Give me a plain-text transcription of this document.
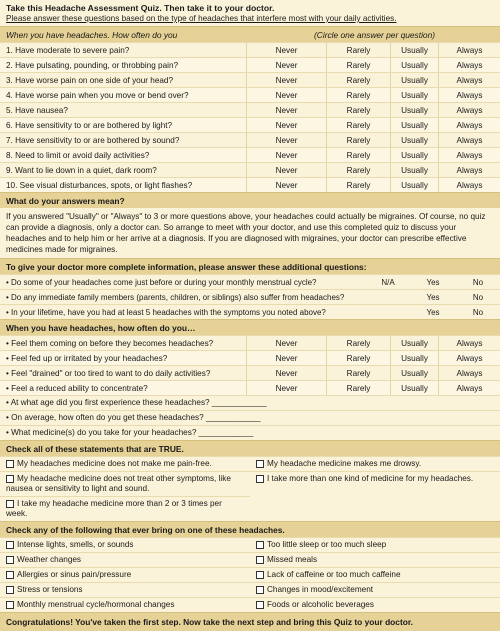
Take this Headache Assessment Quiz. Then take it to your doctor.
Please answer these questions based on the type of headaches that interfere most with your daily activities.
When you have headaches. How often do you	(Circle one answer per question)
1. Have moderate to severe pain?	Never	Rarely	Usually	Always
2. Have pulsating, pounding, or throbbing pain?	Never	Rarely	Usually	Always
3. Have worse pain on one side of your head?	Never	Rarely	Usually	Always
4. Have worse pain when you move or bend over?	Never	Rarely	Usually	Always
5. Have nausea?	Never	Rarely	Usually	Always
6. Have sensitivity to or are bothered by light?	Never	Rarely	Usually	Always
7. Have sensitivity to or are bothered by sound?	Never	Rarely	Usually	Always
8. Need to limit or avoid daily activities?	Never	Rarely	Usually	Always
9. Want to lie down in a quiet, dark room?	Never	Rarely	Usually	Always
10. See visual disturbances, spots, or light flashes?	Never	Rarely	Usually	Always
What do your answers mean?
If you answered "Usually" or "Always" to 3 or more questions above, your headaches could actually be migraines. Of course, no quiz can provide a diagnosis, only a doctor can. So arrange to meet with your doctor, and use this completed quiz to discuss your headaches and to help him or her arrive at a diagnosis. If you are diagnosed with migraines, your doctor can prescribe effective medicines made for migraines.
To give your doctor more complete information, please answer these additional questions:
• Do some of your headaches come just before or during your monthly menstrual cycle?	N/A	Yes	No
• Do any immediate family members (parents, children, or siblings) also suffer from headaches?	Yes	No
• In your lifetime, have you had at least 5 headaches with the symptoms you noted above?	Yes	No
When you have headaches, how often do you…
• Feel them coming on before they becomes headaches?	Never	Rarely	Usually	Always
• Feel fed up or irritated by your headaches?	Never	Rarely	Usually	Always
• Feel "drained" or too tired to want to do daily activities?	Never	Rarely	Usually	Always
• Feel a reduced ability to concentrate?	Never	Rarely	Usually	Always
• At what age did you first experience these headaches? ____________
• On average, how often do you get these headaches? ____________
• What medicine(s) do you take for your headaches? ____________
Check all of these statements that are TRUE.
My headaches medicine does not make me pain-free.
My headache medicine does not treat other symptoms, like nausea or sensitivity to light and sound.
I take my headache medicine more than 2 or 3 times per week.
My headache medicine makes me drowsy.
I take more than one kind of medicine for my headaches.
Check any of the following that ever bring on one of these headaches.
Intense lights, smells, or sounds
Weather changes
Allergies or sinus pain/pressure
Stress or tensions
Monthly menstrual cycle/hormonal changes
Too little sleep or too much sleep
Missed meals
Lack of caffeine or too much caffeine
Changes in mood/excitement
Foods or alcoholic beverages
Congratulations! You've taken the first step. Now take the next step and bring this Quiz to your doctor.
